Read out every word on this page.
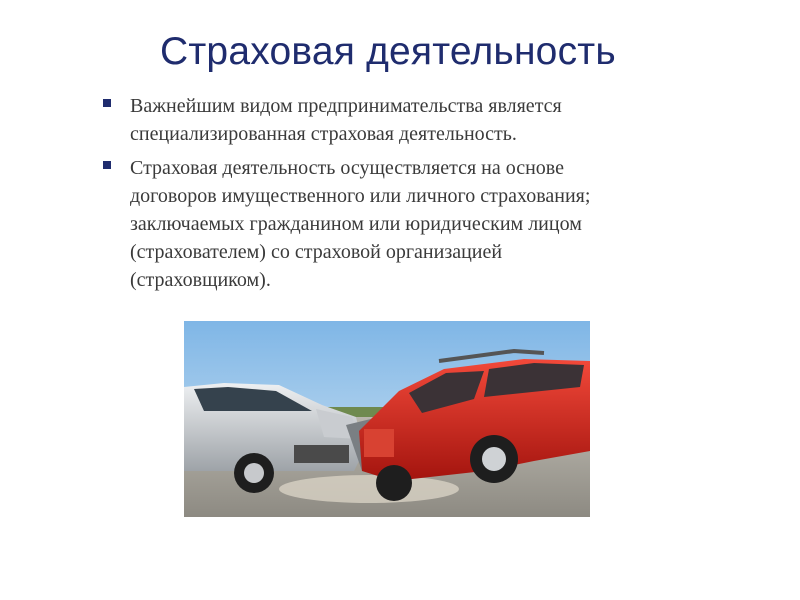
Страховая деятельность
Важнейшим видом предпринимательства является
специализированная страховая деятельность.
Страховая деятельность осуществляется на основе
договоров имущественного или личного страхования;
заключаемых гражданином или юридическим лицом
(страхователем) со страховой организацией
(страховщиком).
